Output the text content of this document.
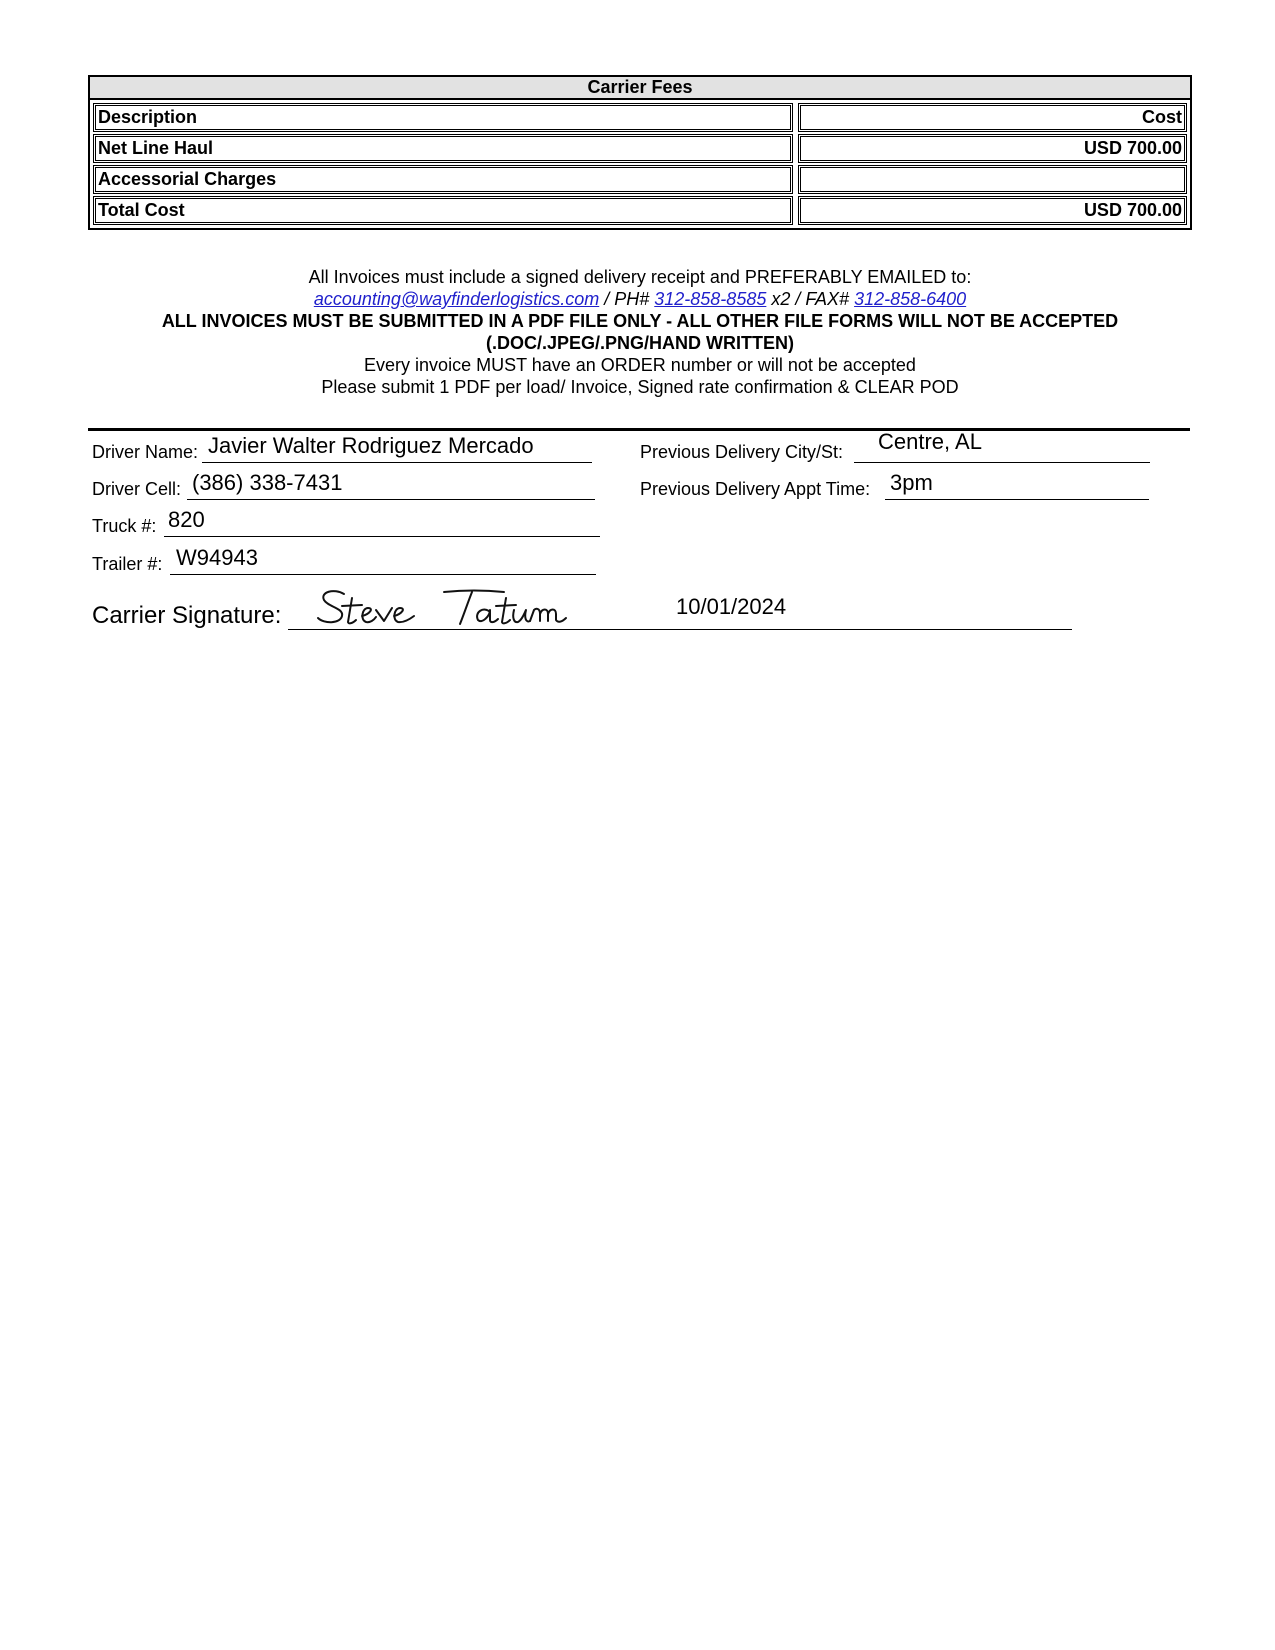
Carrier Fees
Description	Cost
Net Line Haul	USD 700.00
Accessorial Charges
Total Cost	USD 700.00
All Invoices must include a signed delivery receipt and PREFERABLY EMAILED to:
accounting@wayfinderlogistics.com / PH# 312-858-8585 x2 / FAX# 312-858-6400
ALL INVOICES MUST BE SUBMITTED IN A PDF FILE ONLY - ALL OTHER FILE FORMS WILL NOT BE ACCEPTED
(.DOC/.JPEG/.PNG/HAND WRITTEN)
Every invoice MUST have an ORDER number or will not be accepted
Please submit 1 PDF per load/ Invoice, Signed rate confirmation & CLEAR POD
Driver Name: Javier Walter Rodriguez Mercado	Previous Delivery City/St: Centre, AL
Driver Cell: (386) 338-7431	Previous Delivery Appt Time: 3pm
Truck #: 820
Trailer #: W94943
Carrier Signature:	10/01/2024
